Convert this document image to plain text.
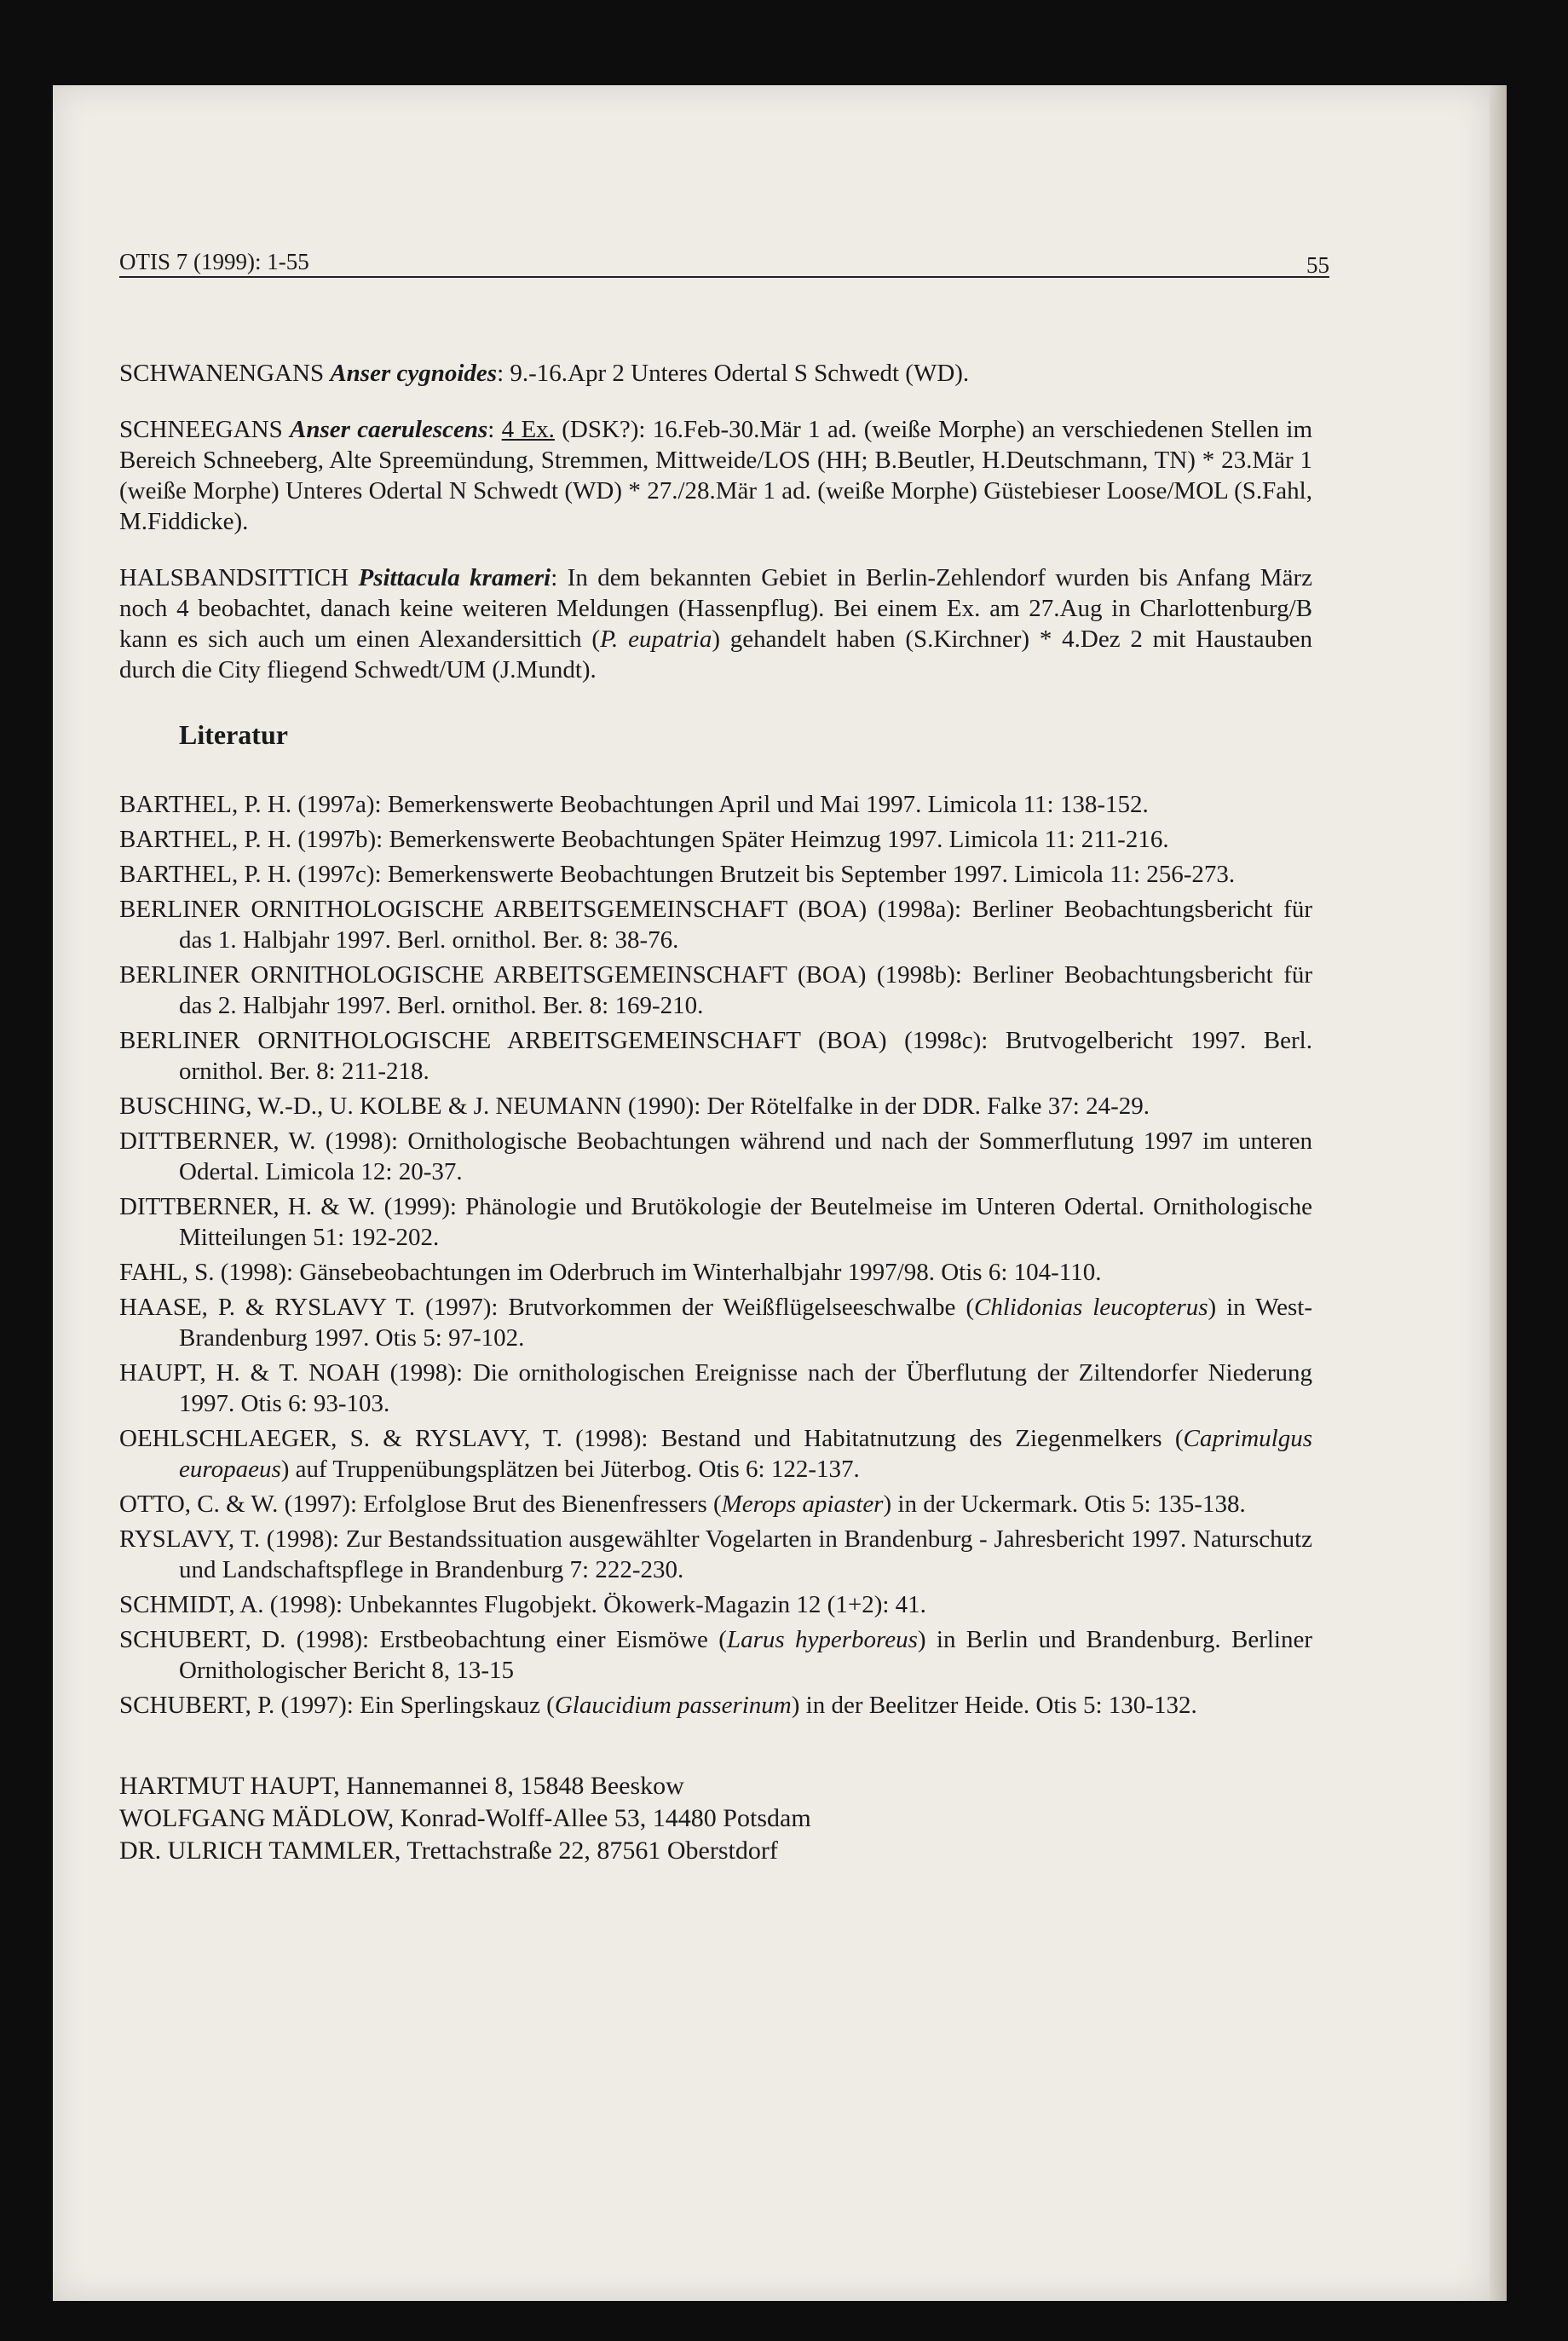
OTIS 7 (1999): 1-55	55

SCHWANENGANS Anser cygnoides: 9.-16.Apr 2 Unteres Odertal S Schwedt (WD).

SCHNEEGANS Anser caerulescens: 4 Ex. (DSK?): 16.Feb-30.Mär 1 ad. (weiße Morphe) an verschiedenen Stellen im Bereich Schneeberg, Alte Spreemündung, Stremmen, Mittweide/LOS (HH; B.Beutler, H.Deutschmann, TN) * 23.Mär 1 (weiße Morphe) Unteres Odertal N Schwedt (WD) * 27./28.Mär 1 ad. (weiße Morphe) Güstebieser Loose/MOL (S.Fahl, M.Fiddicke).

HALSBANDSITTICH Psittacula krameri: In dem bekannten Gebiet in Berlin-Zehlendorf wurden bis Anfang März noch 4 beobachtet, danach keine weiteren Meldungen (Hassenpflug). Bei einem Ex. am 27.Aug in Charlottenburg/B kann es sich auch um einen Alexandersittich (P. eupatria) gehandelt haben (S.Kirchner) * 4.Dez 2 mit Haustauben durch die City fliegend Schwedt/UM (J.Mundt).

Literatur

BARTHEL, P. H. (1997a): Bemerkenswerte Beobachtungen April und Mai 1997. Limicola 11: 138-152.

BARTHEL, P. H. (1997b): Bemerkenswerte Beobachtungen Später Heimzug 1997. Limicola 11: 211-216.

BARTHEL, P. H. (1997c): Bemerkenswerte Beobachtungen Brutzeit bis September 1997. Limicola 11: 256-273.

BERLINER ORNITHOLOGISCHE ARBEITSGEMEINSCHAFT (BOA) (1998a): Berliner Beobachtungsbericht für das 1. Halbjahr 1997. Berl. ornithol. Ber. 8: 38-76.

BERLINER ORNITHOLOGISCHE ARBEITSGEMEINSCHAFT (BOA) (1998b): Berliner Beobachtungsbericht für das 2. Halbjahr 1997. Berl. ornithol. Ber. 8: 169-210.

BERLINER ORNITHOLOGISCHE ARBEITSGEMEINSCHAFT (BOA) (1998c): Brutvogelbericht 1997. Berl. ornithol. Ber. 8: 211-218.

BUSCHING, W.-D., U. KOLBE & J. NEUMANN (1990): Der Rötelfalke in der DDR. Falke 37: 24-29.

DITTBERNER, W. (1998): Ornithologische Beobachtungen während und nach der Sommerflutung 1997 im unteren Odertal. Limicola 12: 20-37.

DITTBERNER, H. & W. (1999): Phänologie und Brutökologie der Beutelmeise im Unteren Odertal. Ornithologische Mitteilungen 51: 192-202.

FAHL, S. (1998): Gänsebeobachtungen im Oderbruch im Winterhalbjahr 1997/98. Otis 6: 104-110.

HAASE, P. & RYSLAVY T. (1997): Brutvorkommen der Weißflügelseeschwalbe (Chlidonias leucopterus) in West-Brandenburg 1997. Otis 5: 97-102.

HAUPT, H. & T. NOAH (1998): Die ornithologischen Ereignisse nach der Überflutung der Ziltendorfer Niederung 1997. Otis 6: 93-103.

OEHLSCHLAEGER, S. & RYSLAVY, T. (1998): Bestand und Habitatnutzung des Ziegenmelkers (Caprimulgus europaeus) auf Truppenübungsplätzen bei Jüterbog. Otis 6: 122-137.

OTTO, C. & W. (1997): Erfolglose Brut des Bienenfressers (Merops apiaster) in der Uckermark. Otis 5: 135-138.

RYSLAVY, T. (1998): Zur Bestandssituation ausgewählter Vogelarten in Brandenburg - Jahresbericht 1997. Naturschutz und Landschaftspflege in Brandenburg 7: 222-230.

SCHMIDT, A. (1998): Unbekanntes Flugobjekt. Ökowerk-Magazin 12 (1+2): 41.

SCHUBERT, D. (1998): Erstbeobachtung einer Eismöwe (Larus hyperboreus) in Berlin und Brandenburg. Berliner Ornithologischer Bericht 8, 13-15

SCHUBERT, P. (1997): Ein Sperlingskauz (Glaucidium passerinum) in der Beelitzer Heide. Otis 5: 130-132.

HARTMUT HAUPT, Hannemannei 8, 15848 Beeskow
WOLFGANG MÄDLOW, Konrad-Wolff-Allee 53, 14480 Potsdam
DR. ULRICH TAMMLER, Trettachstraße 22, 87561 Oberstdorf
